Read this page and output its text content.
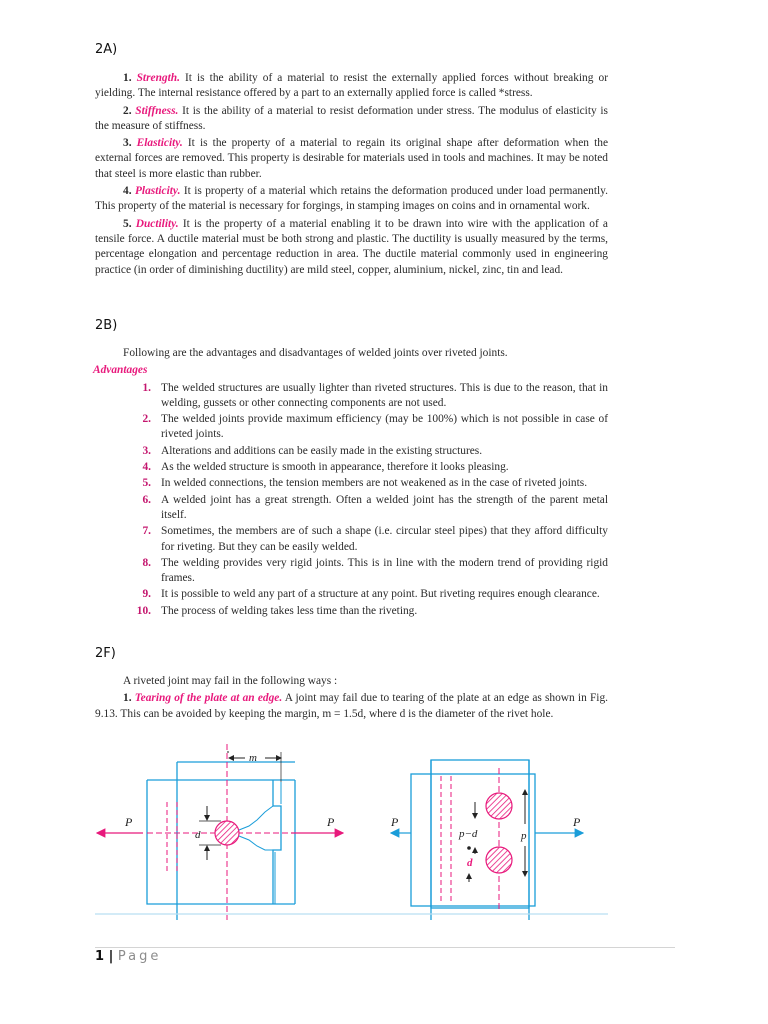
2A)

1. Strength. It is the ability of a material to resist the externally applied forces without breaking or yielding. The internal resistance offered by a part to an externally applied force is called *stress.

2. Stiffness. It is the ability of a material to resist deformation under stress. The modulus of elasticity is the measure of stiffness.

3. Elasticity. It is the property of a material to regain its original shape after deformation when the external forces are removed. This property is desirable for materials used in tools and machines. It may be noted that steel is more elastic than rubber.

4. Plasticity. It is property of a material which retains the deformation produced under load permanently. This property of the material is necessary for forgings, in stamping images on coins and in ornamental work.

5. Ductility. It is the property of a material enabling it to be drawn into wire with the application of a tensile force. A ductile material must be both strong and plastic. The ductility is usually measured by the terms, percentage elongation and percentage reduction in area. The ductile material commonly used in engineering practice (in order of diminishing ductility) are mild steel, copper, aluminium, nickel, zinc, tin and lead.

2B)

Following are the advantages and disadvantages of welded joints over riveted joints.

Advantages
1. The welded structures are usually lighter than riveted structures. This is due to the reason, that in welding, gussets or other connecting components are not used.
2. The welded joints provide maximum efficiency (may be 100%) which is not possible in case of riveted joints.
3. Alterations and additions can be easily made in the existing structures.
4. As the welded structure is smooth in appearance, therefore it looks pleasing.
5. In welded connections, the tension members are not weakened as in the case of riveted joints.
6. A welded joint has a great strength. Often a welded joint has the strength of the parent metal itself.
7. Sometimes, the members are of such a shape (i.e. circular steel pipes) that they afford difficulty for riveting. But they can be easily welded.
8. The welding provides very rigid joints. This is in line with the modern trend of providing rigid frames.
9. It is possible to weld any part of a structure at any point. But riveting requires enough clearance.
10. The process of welding takes less time than the riveting.
2F)

A riveted joint may fail in the following ways :

1. Tearing of the plate at an edge. A joint may fail due to tearing of the plate at an edge as shown in Fig. 9.13. This can be avoided by keeping the margin, m = 1.5d, where d is the diameter of the rivet hole.

P	P
d
m
P	P
p−d
d
p
1 | Page
